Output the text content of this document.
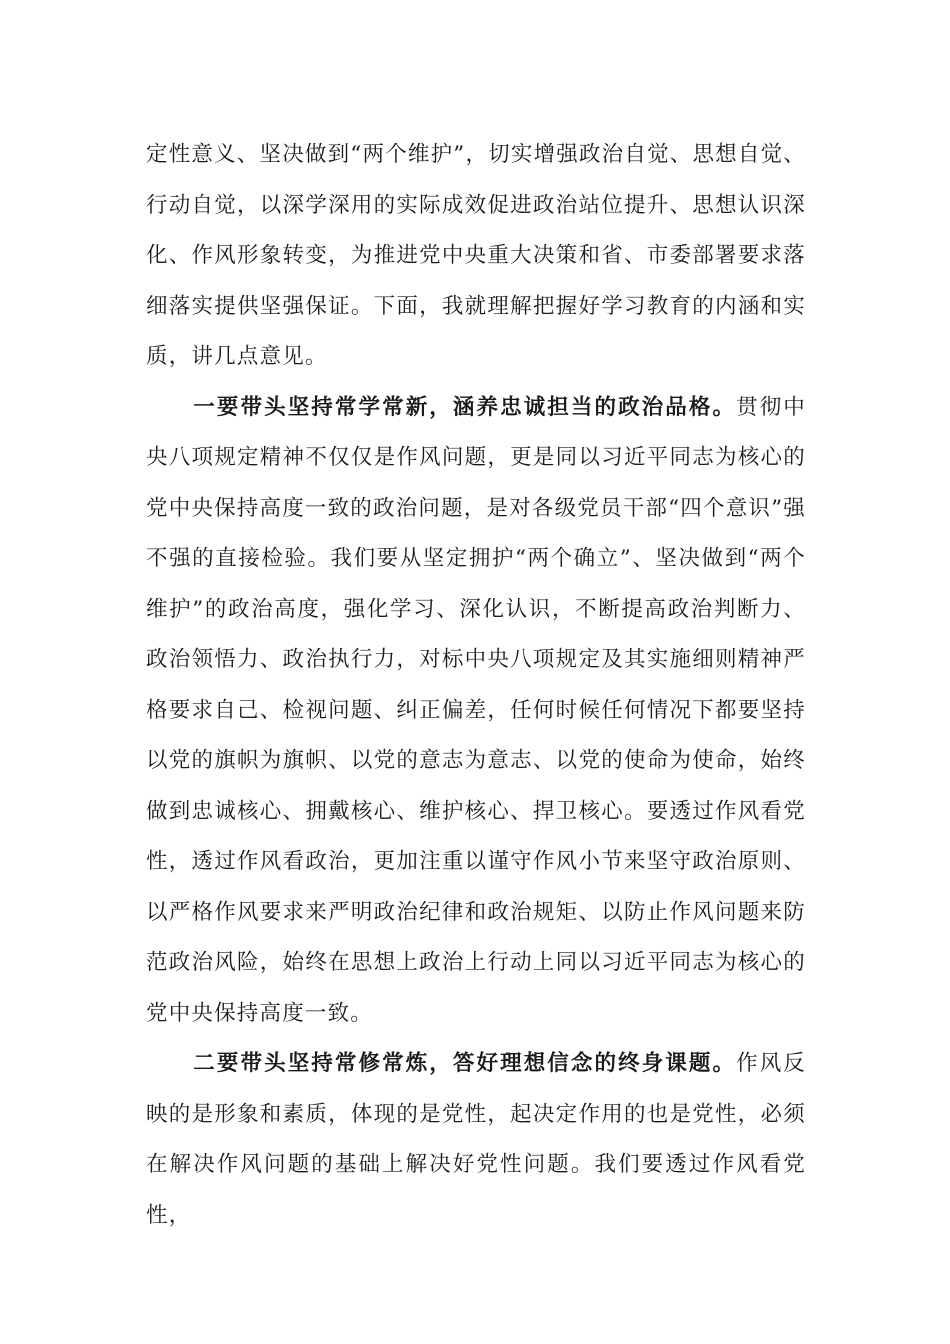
定性意义、坚决做到“两个维护”，切实增强政治自觉、思想自觉、行动自觉，以深学深用的实际成效促进政治站位提升、思想认识深化、作风形象转变，为推进党中央重大决策和省、市委部署要求落细落实提供坚强保证。下面，我就理解把握好学习教育的内涵和实质，讲几点意见。

一要带头坚持常学常新，涵养忠诚担当的政治品格。贯彻中央八项规定精神不仅仅是作风问题，更是同以习近平同志为核心的党中央保持高度一致的政治问题，是对各级党员干部“四个意识”强不强的直接检验。我们要从坚定拥护“两个确立”、坚决做到“两个维护”的政治高度，强化学习、深化认识，不断提高政治判断力、政治领悟力、政治执行力，对标中央八项规定及其实施细则精神严格要求自己、检视问题、纠正偏差，任何时候任何情况下都要坚持以党的旗帜为旗帜、以党的意志为意志、以党的使命为使命，始终做到忠诚核心、拥戴核心、维护核心、捍卫核心。要透过作风看党性，透过作风看政治，更加注重以谨守作风小节来坚守政治原则、以严格作风要求来严明政治纪律和政治规矩、以防止作风问题来防范政治风险，始终在思想上政治上行动上同以习近平同志为核心的党中央保持高度一致。

二要带头坚持常修常炼，答好理想信念的终身课题。作风反映的是形象和素质，体现的是党性，起决定作用的也是党性，必须在解决作风问题的基础上解决好党性问题。我们要透过作风看党性，
